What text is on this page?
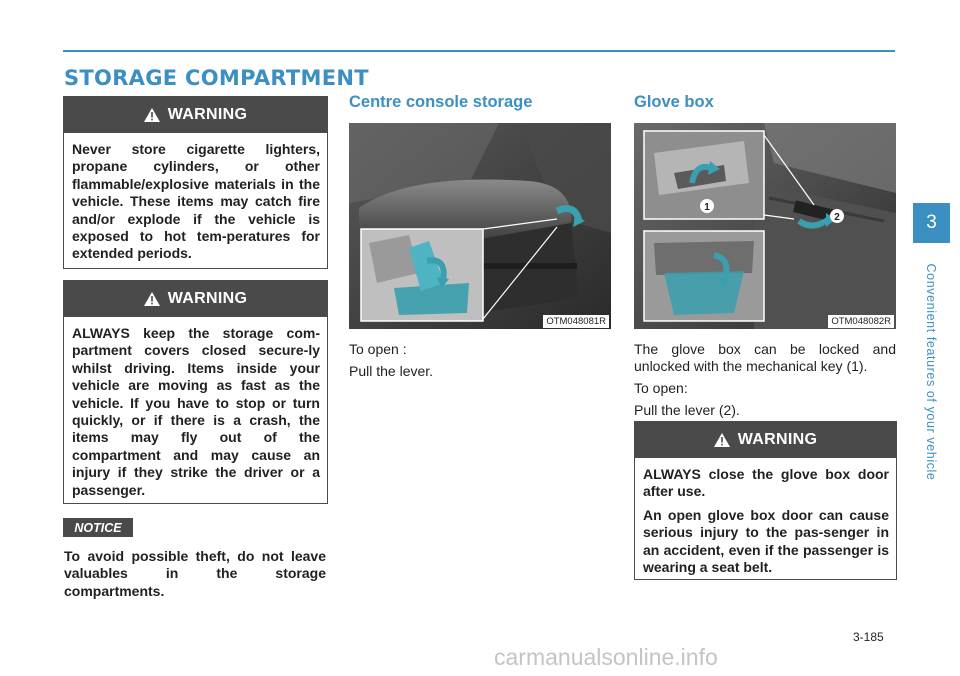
STORAGE COMPARTMENT
WARNING

Never store cigarette lighters, propane cylinders, or other flammable/explosive materials in the vehicle. These items may catch fire and/or explode if the vehicle is exposed to hot tem-peratures for extended periods.

WARNING

ALWAYS keep the storage com-partment covers closed secure-ly whilst driving. Items inside your vehicle are moving as fast as the vehicle. If you have to stop or turn quickly, or if there is a crash, the items may fly out of the compartment and may cause an injury if they strike the driver or a passenger.

NOTICE
To avoid possible theft, do not leave valuables in the storage compartments.
Centre console storage
OTM048081R

To open :

Pull the lever.

Glove box
2
1
OTM048082R

The glove box can be locked and unlocked with the mechanical key (1).

To open:

Pull the lever (2).

WARNING

ALWAYS close the glove box door after use.

An open glove box door can cause serious injury to the pas-senger in an accident, even if the passenger is wearing a seat belt.

3
Convenient features of your vehicle
3-185
carmanualsonline.info
